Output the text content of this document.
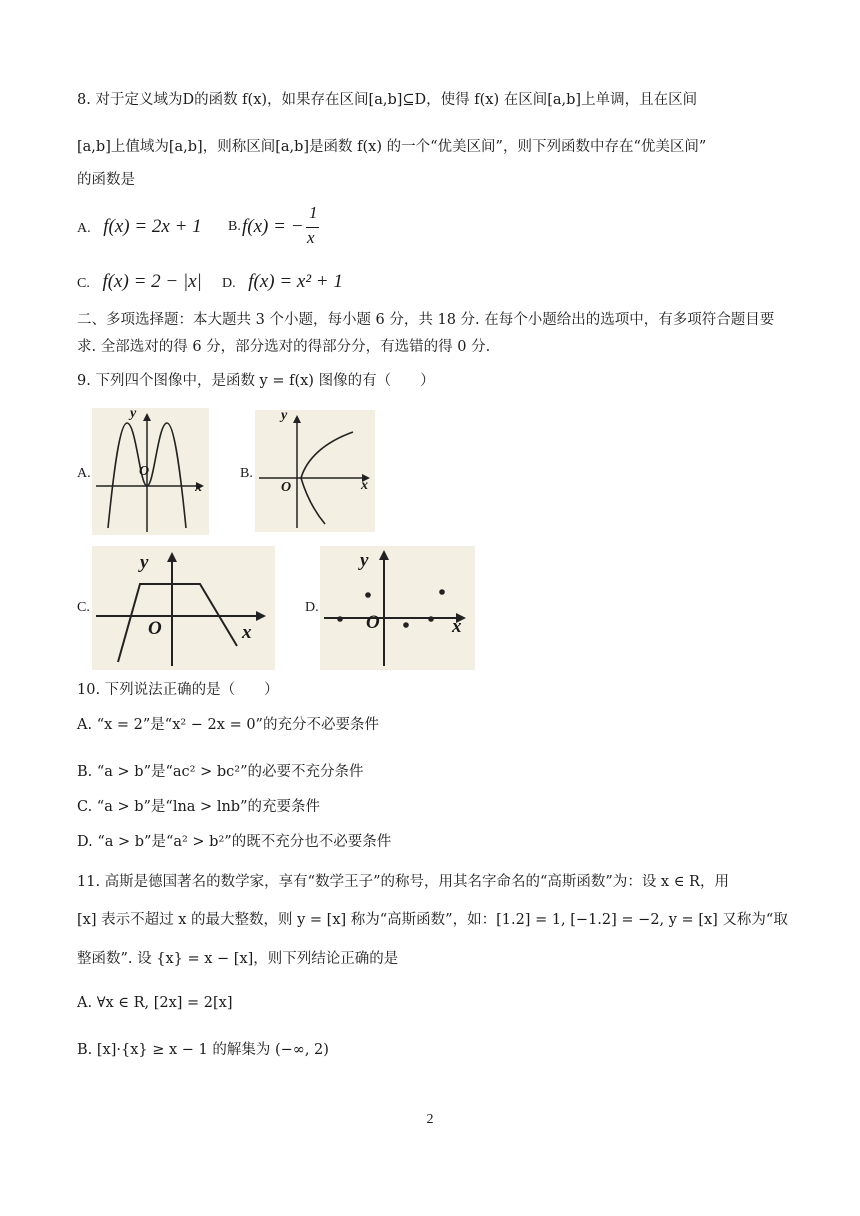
8. 对于定义域为D的函数 f(x)，如果存在区间[a,b]⊆D，使得 f(x) 在区间[a,b]上单调，且在区间
[a,b]上值域为[a,b]，则称区间[a,b]是函数 f(x) 的一个“优美区间”，则下列函数中存在“优美区间”
的函数是
A. f(x) = 2x + 1 B. f(x) = −
1
x
C. f(x) = 2 − |x| D. f(x) = x² + 1
二、多项选择题：本大题共 3 个小题，每小题 6 分，共 18 分. 在每个小题给出的选项中，有多项符合题目要
求. 全部选对的得 6 分，部分选对的得部分分，有选错的得 0 分.
9. 下列四个图像中，是函数 y = f(x) 图像的有（　　）
A.
y
x
O	B.
y
x
O
C.
y
x
O
D.
y
x
O
10. 下列说法正确的是（　　）
A. “x = 2”是“x² − 2x = 0”的充分不必要条件
B. “a > b”是“ac² > bc²”的必要不充分条件
C. “a > b”是“lna > lnb”的充要条件
D. “a > b”是“a² > b²”的既不充分也不必要条件
11. 高斯是德国著名的数学家，享有“数学王子”的称号，用其名字命名的“高斯函数”为：设 x ∈ R，用
[x] 表示不超过 x 的最大整数，则 y = [x] 称为“高斯函数”，如：[1.2] = 1, [−1.2] = −2, y = [x] 又称为“取
整函数”. 设 {x} = x − [x]，则下列结论正确的是
A. ∀x ∈ R, [2x] = 2[x]
B. [x]·{x} ≥ x − 1 的解集为 (−∞, 2)
2
